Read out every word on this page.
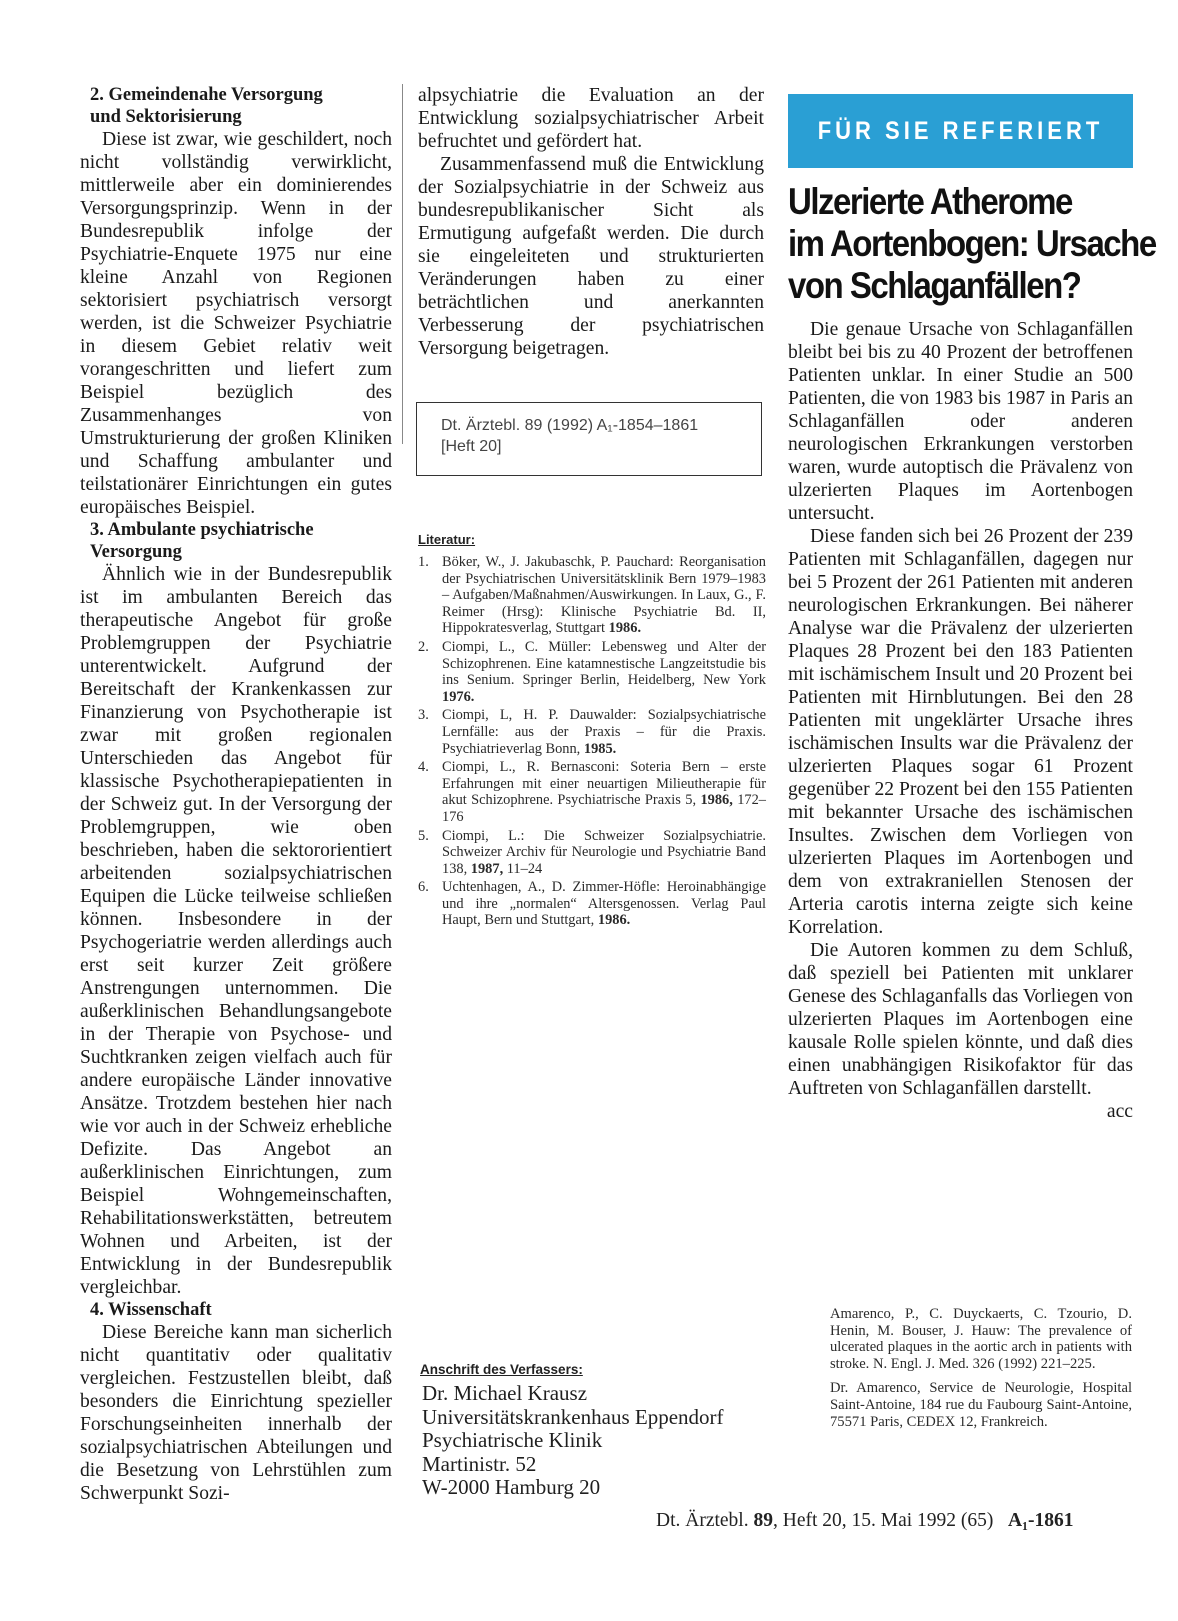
2. Gemeindenahe Versorgung

und Sektorisierung

Diese ist zwar, wie geschildert, noch nicht vollständig verwirklicht, mittlerweile aber ein dominierendes Versorgungsprinzip. Wenn in der Bundesrepublik infolge der Psychiatrie-Enquete 1975 nur eine kleine Anzahl von Regionen sektorisiert psychiatrisch versorgt werden, ist die Schweizer Psychiatrie in diesem Gebiet relativ weit vorangeschritten und liefert zum Beispiel bezüglich des Zusammenhanges von Umstrukturierung der großen Kliniken und Schaffung ambulanter und teilstationärer Einrichtungen ein gutes europäisches Beispiel.

3. Ambulante psychiatrische

Versorgung

Ähnlich wie in der Bundesrepublik ist im ambulanten Bereich das therapeutische Angebot für große Problemgruppen der Psychiatrie unterentwickelt. Aufgrund der Bereitschaft der Krankenkassen zur Finanzierung von Psychotherapie ist zwar mit großen regionalen Unterschieden das Angebot für klassische Psychotherapiepatienten in der Schweiz gut. In der Versorgung der Problemgruppen, wie oben beschrieben, haben die sektororientiert arbeitenden sozialpsychiatrischen Equipen die Lücke teilweise schließen können. Insbesondere in der Psychogeriatrie werden allerdings auch erst seit kurzer Zeit größere Anstrengungen unternommen. Die außerklinischen Behandlungsangebote in der Therapie von Psychose- und Suchtkranken zeigen vielfach auch für andere europäische Länder innovative Ansätze. Trotzdem bestehen hier nach wie vor auch in der Schweiz erhebliche Defizite. Das Angebot an außerklinischen Einrichtungen, zum Beispiel Wohngemeinschaften, Rehabilitationswerkstätten, betreutem Wohnen und Arbeiten, ist der Entwicklung in der Bundesrepublik vergleichbar.

4. Wissenschaft

Diese Bereiche kann man sicherlich nicht quantitativ oder qualitativ vergleichen. Festzustellen bleibt, daß besonders die Einrichtung spezieller Forschungseinheiten innerhalb der sozialpsychiatrischen Abteilungen und die Besetzung von Lehrstühlen zum Schwerpunkt Sozi-

alpsychiatrie die Evaluation an der Entwicklung sozialpsychiatrischer Arbeit befruchtet und gefördert hat.

Zusammenfassend muß die Entwicklung der Sozialpsychiatrie in der Schweiz aus bundesrepublikanischer Sicht als Ermutigung aufgefaßt werden. Die durch sie eingeleiteten und strukturierten Veränderungen haben zu einer beträchtlichen und anerkannten Verbesserung der psychiatrischen Versorgung beigetragen.

Dt. Ärztebl. 89 (1992) A₁-1854–1861
[Heft 20]
Literatur:
1. Böker, W., J. Jakubaschk, P. Pauchard: Reorganisation der Psychiatrischen Universitätsklinik Bern 1979–1983 – Aufgaben/Maßnahmen/Auswirkungen. In Laux, G., F. Reimer (Hrsg): Klinische Psychiatrie Bd. II, Hippokratesverlag, Stuttgart 1986.
2. Ciompi, L., C. Müller: Lebensweg und Alter der Schizophrenen. Eine katamnestische Langzeitstudie bis ins Senium. Springer Berlin, Heidelberg, New York 1976.
3. Ciompi, L, H. P. Dauwalder: Sozialpsychiatrische Lernfälle: aus der Praxis – für die Praxis. Psychiatrieverlag Bonn, 1985.
4. Ciompi, L., R. Bernasconi: Soteria Bern – erste Erfahrungen mit einer neuartigen Milieutherapie für akut Schizophrene. Psychiatrische Praxis 5, 1986, 172–176
5. Ciompi, L.: Die Schweizer Sozialpsychiatrie. Schweizer Archiv für Neurologie und Psychiatrie Band 138, 1987, 11–24
6. Uchtenhagen, A., D. Zimmer-Höfle: Heroinabhängige und ihre „normalen“ Altersgenossen. Verlag Paul Haupt, Bern und Stuttgart, 1986.
Anschrift des Verfassers:
Dr. Michael Krausz
Universitätskrankenhaus Eppendorf
Psychiatrische Klinik
Martinistr. 52
W-2000 Hamburg 20
FÜR SIE REFERIERT
Ulzerierte Atherome
im Aortenbogen: Ursache
von Schlaganfällen?

Die genaue Ursache von Schlaganfällen bleibt bei bis zu 40 Prozent der betroffenen Patienten unklar. In einer Studie an 500 Patienten, die von 1983 bis 1987 in Paris an Schlaganfällen oder anderen neurologischen Erkrankungen verstorben waren, wurde autoptisch die Prävalenz von ulzerierten Plaques im Aortenbogen untersucht.

Diese fanden sich bei 26 Prozent der 239 Patienten mit Schlaganfällen, dagegen nur bei 5 Prozent der 261 Patienten mit anderen neurologischen Erkrankungen. Bei näherer Analyse war die Prävalenz der ulzerierten Plaques 28 Prozent bei den 183 Patienten mit ischämischem Insult und 20 Prozent bei Patienten mit Hirnblutungen. Bei den 28 Patienten mit ungeklärter Ursache ihres ischämischen Insults war die Prävalenz der ulzerierten Plaques sogar 61 Prozent gegenüber 22 Prozent bei den 155 Patienten mit bekannter Ursache des ischämischen Insultes. Zwischen dem Vorliegen von ulzerierten Plaques im Aortenbogen und dem von extrakraniellen Stenosen der Arteria carotis interna zeigte sich keine Korrelation.

Die Autoren kommen zu dem Schluß, daß speziell bei Patienten mit unklarer Genese des Schlaganfalls das Vorliegen von ulzerierten Plaques im Aortenbogen eine kausale Rolle spielen könnte, und daß dies einen unabhängigen Risikofaktor für das Auftreten von Schlaganfällen darstellt.
acc

Amarenco, P., C. Duyckaerts, C. Tzourio, D. Henin, M. Bouser, J. Hauw: The prevalence of ulcerated plaques in the aortic arch in patients with stroke. N. Engl. J. Med. 326 (1992) 221–225.

Dr. Amarenco, Service de Neurologie, Hospital Saint-Antoine, 184 rue du Faubourg Saint-Antoine, 75571 Paris, CEDEX 12, Frankreich.

Dt. Ärztebl. 89, Heft 20, 15. Mai 1992 (65) A₁-1861
